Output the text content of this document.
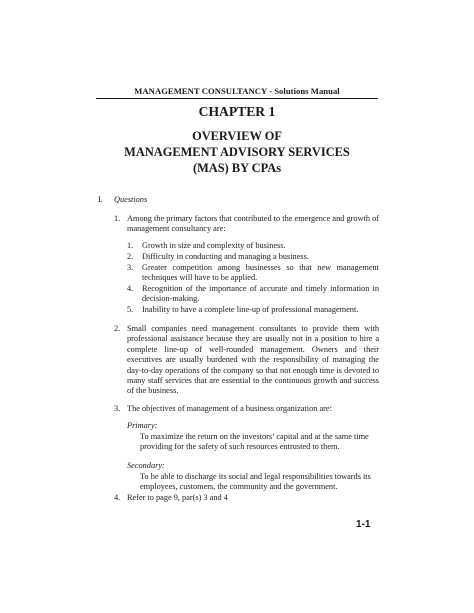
MANAGEMENT CONSULTANCY - Solutions Manual
CHAPTER 1
OVERVIEW OF
MANAGEMENT ADVISORY SERVICES
(MAS) BY CPAs
I. Questions
1. Among the primary factors that contributed to the emergence and growth of management consultancy are:
1. Growth in size and complexity of business.
2. Difficulty in conducting and managing a business.
3. Greater competition among businesses so that new management techniques will have to be applied.
4. Recognition of the importance of accurate and timely information in decision-making.
5. Inability to have a complete line-up of professional management.
2. Small companies need management consultants to provide them with professional assistance because they are usually not in a position to hire a complete line-up of well-rounded management. Owners and their executives are usually burdened with the responsibility of managing the day-to-day operations of the company so that not enough time is devoted to many staff services that are essential to the continuous growth and success of the business.
3. The objectives of management of a business organization are:
Primary:
To maximize the return on the investors’ capital and at the same time providing for the safety of such resources entrusted to them.
Secondary:
To be able to discharge its social and legal responsibilities towards its employees, customers, the community and the government.
4. Refer to page 9, par(s) 3 and 4
1-1
